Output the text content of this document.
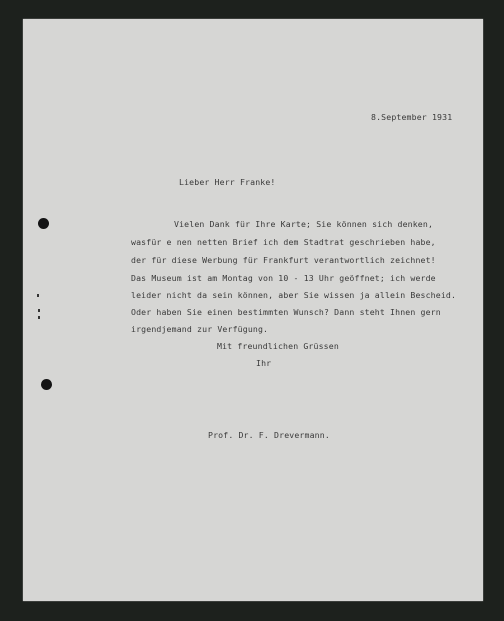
8.September 1931
Lieber Herr Franke!
Vielen Dank für Ihre Karte; Sie können sich denken,
wasfür e nen netten Brief ich dem Stadtrat geschrieben habe,
der für diese Werbung für Frankfurt verantwortlich zeichnet!
Das Museum ist am Montag von 10 - 13 Uhr geöffnet; ich werde
leider nicht da sein können, aber Sie wissen ja allein Bescheid.
Oder haben Sie einen bestimmten Wunsch? Dann steht Ihnen gern
irgendjemand zur Verfügung.
Mit freundlichen Grüssen
Ihr
Prof. Dr. F. Drevermann.
